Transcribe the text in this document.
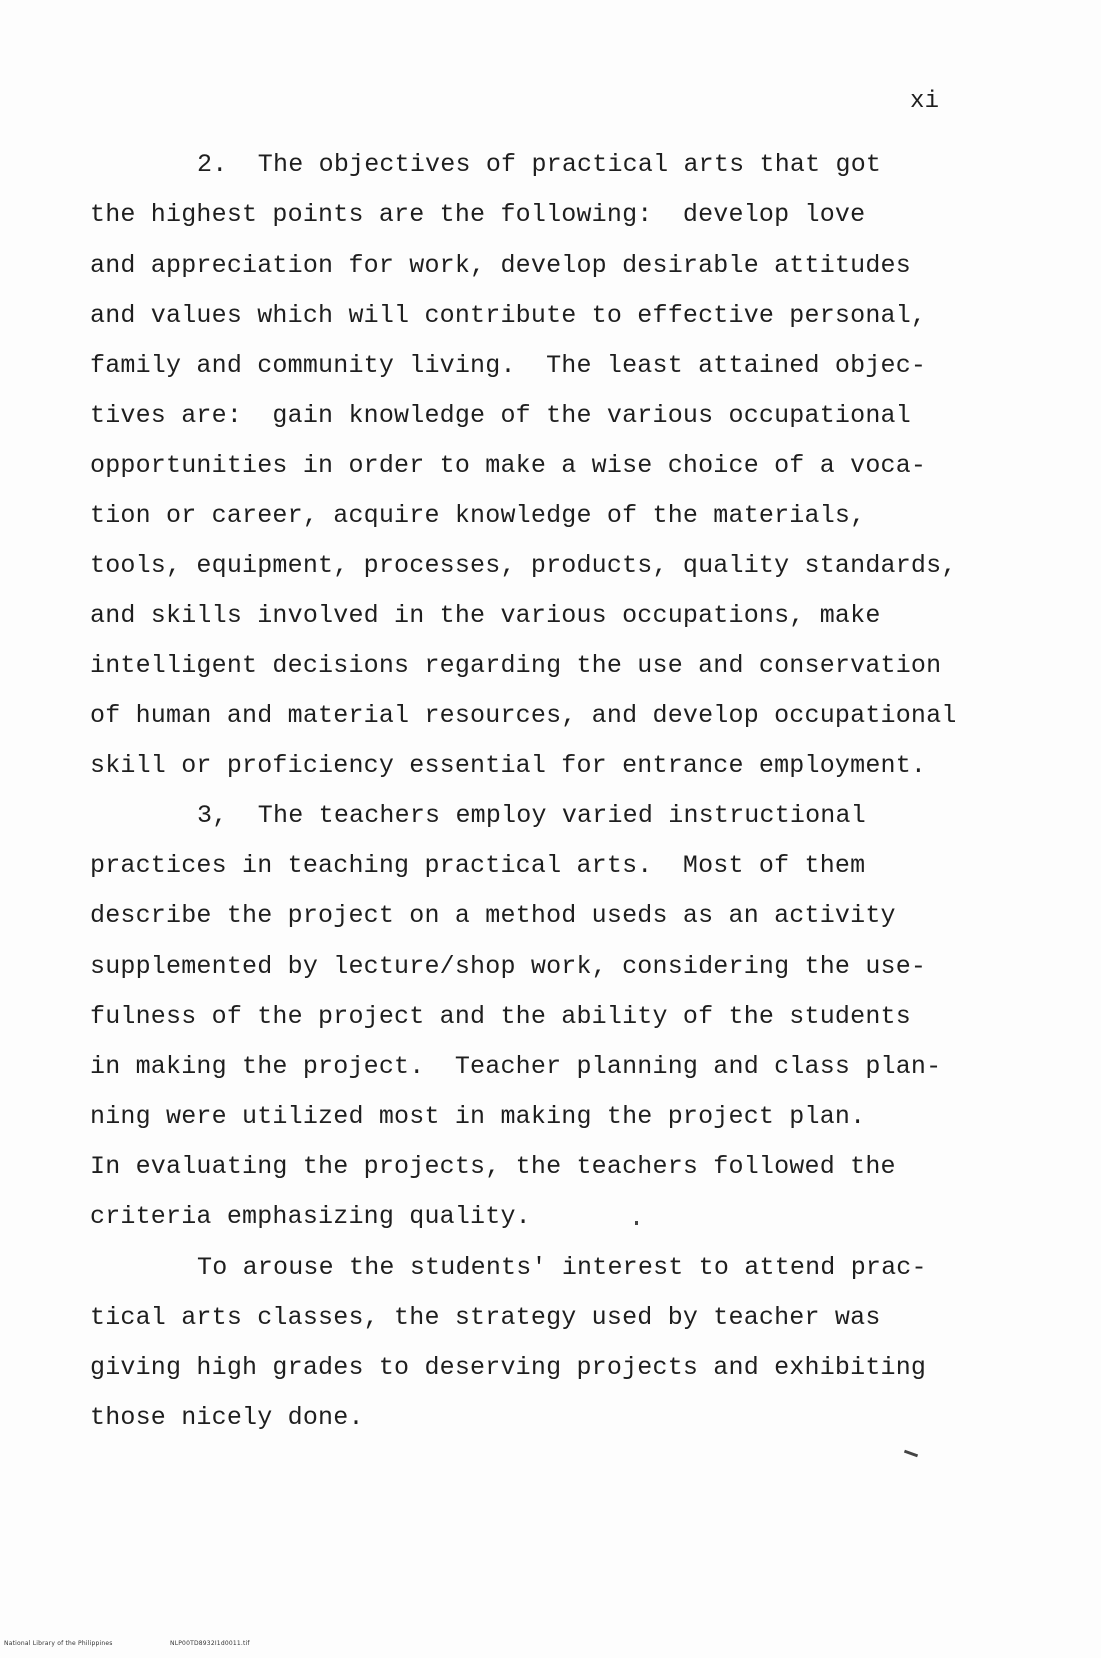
xi
2.  The objectives of practical arts that got
the highest points are the following:  develop love
and appreciation for work, develop desirable attitudes
and values which will contribute to effective personal,
family and community living.  The least attained objec-
tives are:  gain knowledge of the various occupational
opportunities in order to make a wise choice of a voca-
tion or career, acquire knowledge of the materials,
tools, equipment, processes, products, quality standards,
and skills involved in the various occupations, make
intelligent decisions regarding the use and conservation
of human and material resources, and develop occupational
skill or proficiency essential for entrance employment.
3,  The teachers employ varied instructional
practices in teaching practical arts.  Most of them
describe the project on a method useds as an activity
supplemented by lecture/shop work, considering the use-
fulness of the project and the ability of the students
in making the project.  Teacher planning and class plan-
ning were utilized most in making the project plan.
In evaluating the projects, the teachers followed the
criteria emphasizing quality.
To arouse the students' interest to attend prac-
tical arts classes, the strategy used by teacher was
giving high grades to deserving projects and exhibiting
those nicely done.
National Library of the Philippines	NLP00TD8932I1d0011.tif
